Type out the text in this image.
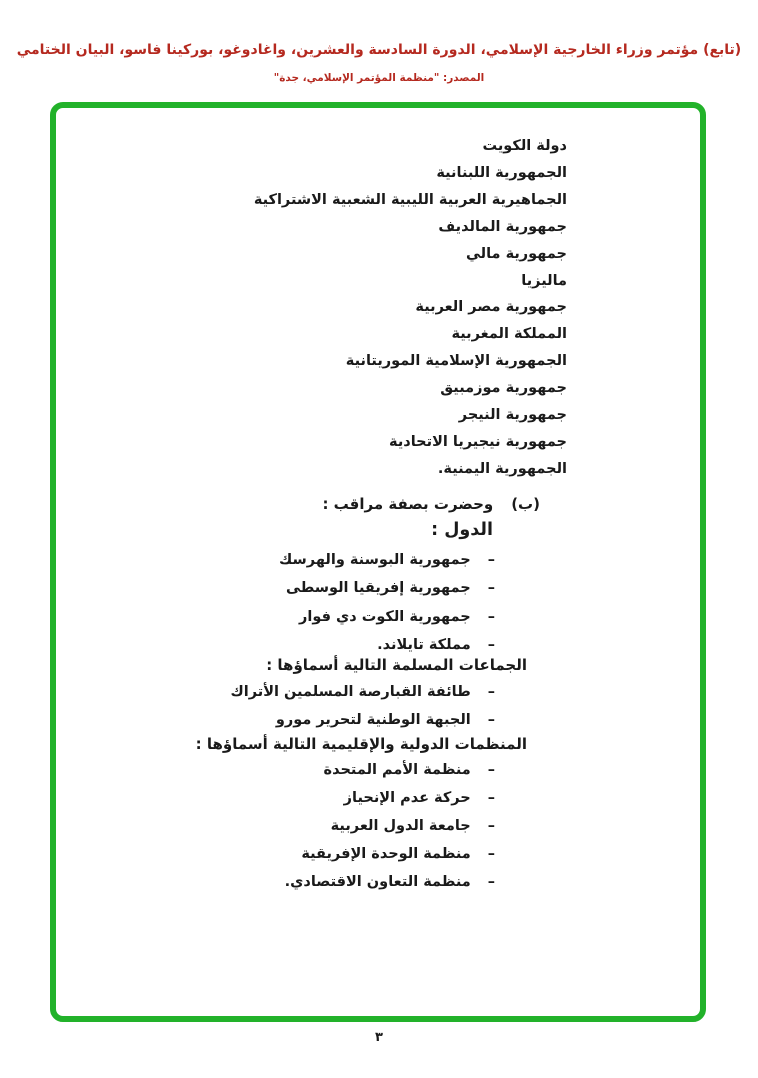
(تابع) مؤتمر وزراء الخارجية الإسلامي، الدورة السادسة والعشرين، واغادوغو، بوركينا فاسو، البيان الختامي
المصدر: "منظمة المؤتمر الإسلامي، جدة"
دولة الكويت
الجمهورية اللبنانية
الجماهيرية العربية الليبية الشعبية الاشتراكية
جمهورية المالديف
جمهورية مالي
ماليزيا
جمهورية مصر العربية
المملكة المغربية
الجمهورية الإسلامية الموريتانية
جمهورية موزمبيق
جمهورية النيجر
جمهورية نيجيريا الاتحادية
الجمهورية اليمنية.
(ب)
وحضرت بصفة مراقب :
الدول :
–
جمهورية البوسنة والهرسك
–
جمهورية إفريقيا الوسطى
–
جمهورية الكوت دي فوار
–
مملكة تايلاند.
الجماعات المسلمة التالية أسماؤها :
–
طائفة القبارصة المسلمين الأتراك
–
الجبهة الوطنية لتحرير مورو
المنظمات الدولية والإقليمية التالية أسماؤها :
–
منظمة الأمم المتحدة
–
حركة عدم الإنحياز
–
جامعة الدول العربية
–
منظمة الوحدة الإفريقية
–
منظمة التعاون الاقتصادي.
٣
